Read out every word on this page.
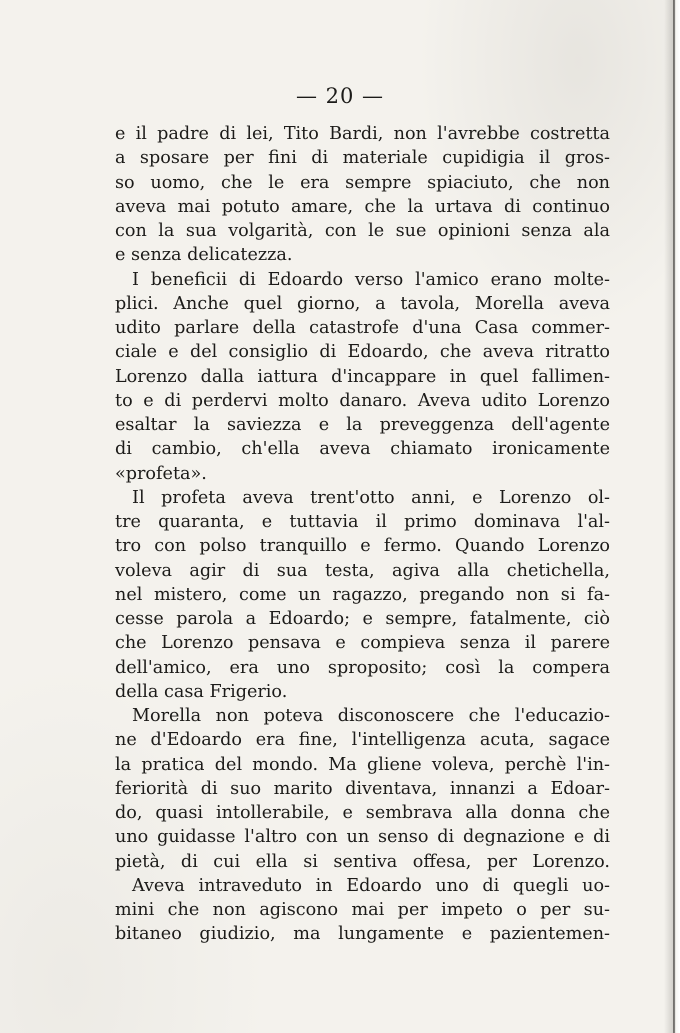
— 20 —
e il padre di lei, Tito Bardi, non l'avrebbe costretta
a sposare per fini di materiale cupidigia il gros-
so uomo, che le era sempre spiaciuto, che non
aveva mai potuto amare, che la urtava di continuo
con la sua volgarità, con le sue opinioni senza ala
e senza delicatezza.
I beneficii di Edoardo verso l'amico erano molte-
plici. Anche quel giorno, a tavola, Morella aveva
udito parlare della catastrofe d'una Casa commer-
ciale e del consiglio di Edoardo, che aveva ritratto
Lorenzo dalla iattura d'incappare in quel fallimen-
to e di perdervi molto danaro. Aveva udito Lorenzo
esaltar la saviezza e la preveggenza dell'agente
di cambio, ch'ella aveva chiamato ironicamente
«profeta».
Il profeta aveva trent'otto anni, e Lorenzo ol-
tre quaranta, e tuttavia il primo dominava l'al-
tro con polso tranquillo e fermo. Quando Lorenzo
voleva agir di sua testa, agiva alla chetichella,
nel mistero, come un ragazzo, pregando non si fa-
cesse parola a Edoardo; e sempre, fatalmente, ciò
che Lorenzo pensava e compieva senza il parere
dell'amico, era uno sproposito; così la compera
della casa Frigerio.
Morella non poteva disconoscere che l'educazio-
ne d'Edoardo era fine, l'intelligenza acuta, sagace
la pratica del mondo. Ma gliene voleva, perchè l'in-
feriorità di suo marito diventava, innanzi a Edoar-
do, quasi intollerabile, e sembrava alla donna che
uno guidasse l'altro con un senso di degnazione e di
pietà, di cui ella si sentiva offesa, per Lorenzo.
Aveva intraveduto in Edoardo uno di quegli uo-
mini che non agiscono mai per impeto o per su-
bitaneo giudizio, ma lungamente e pazientemen-
